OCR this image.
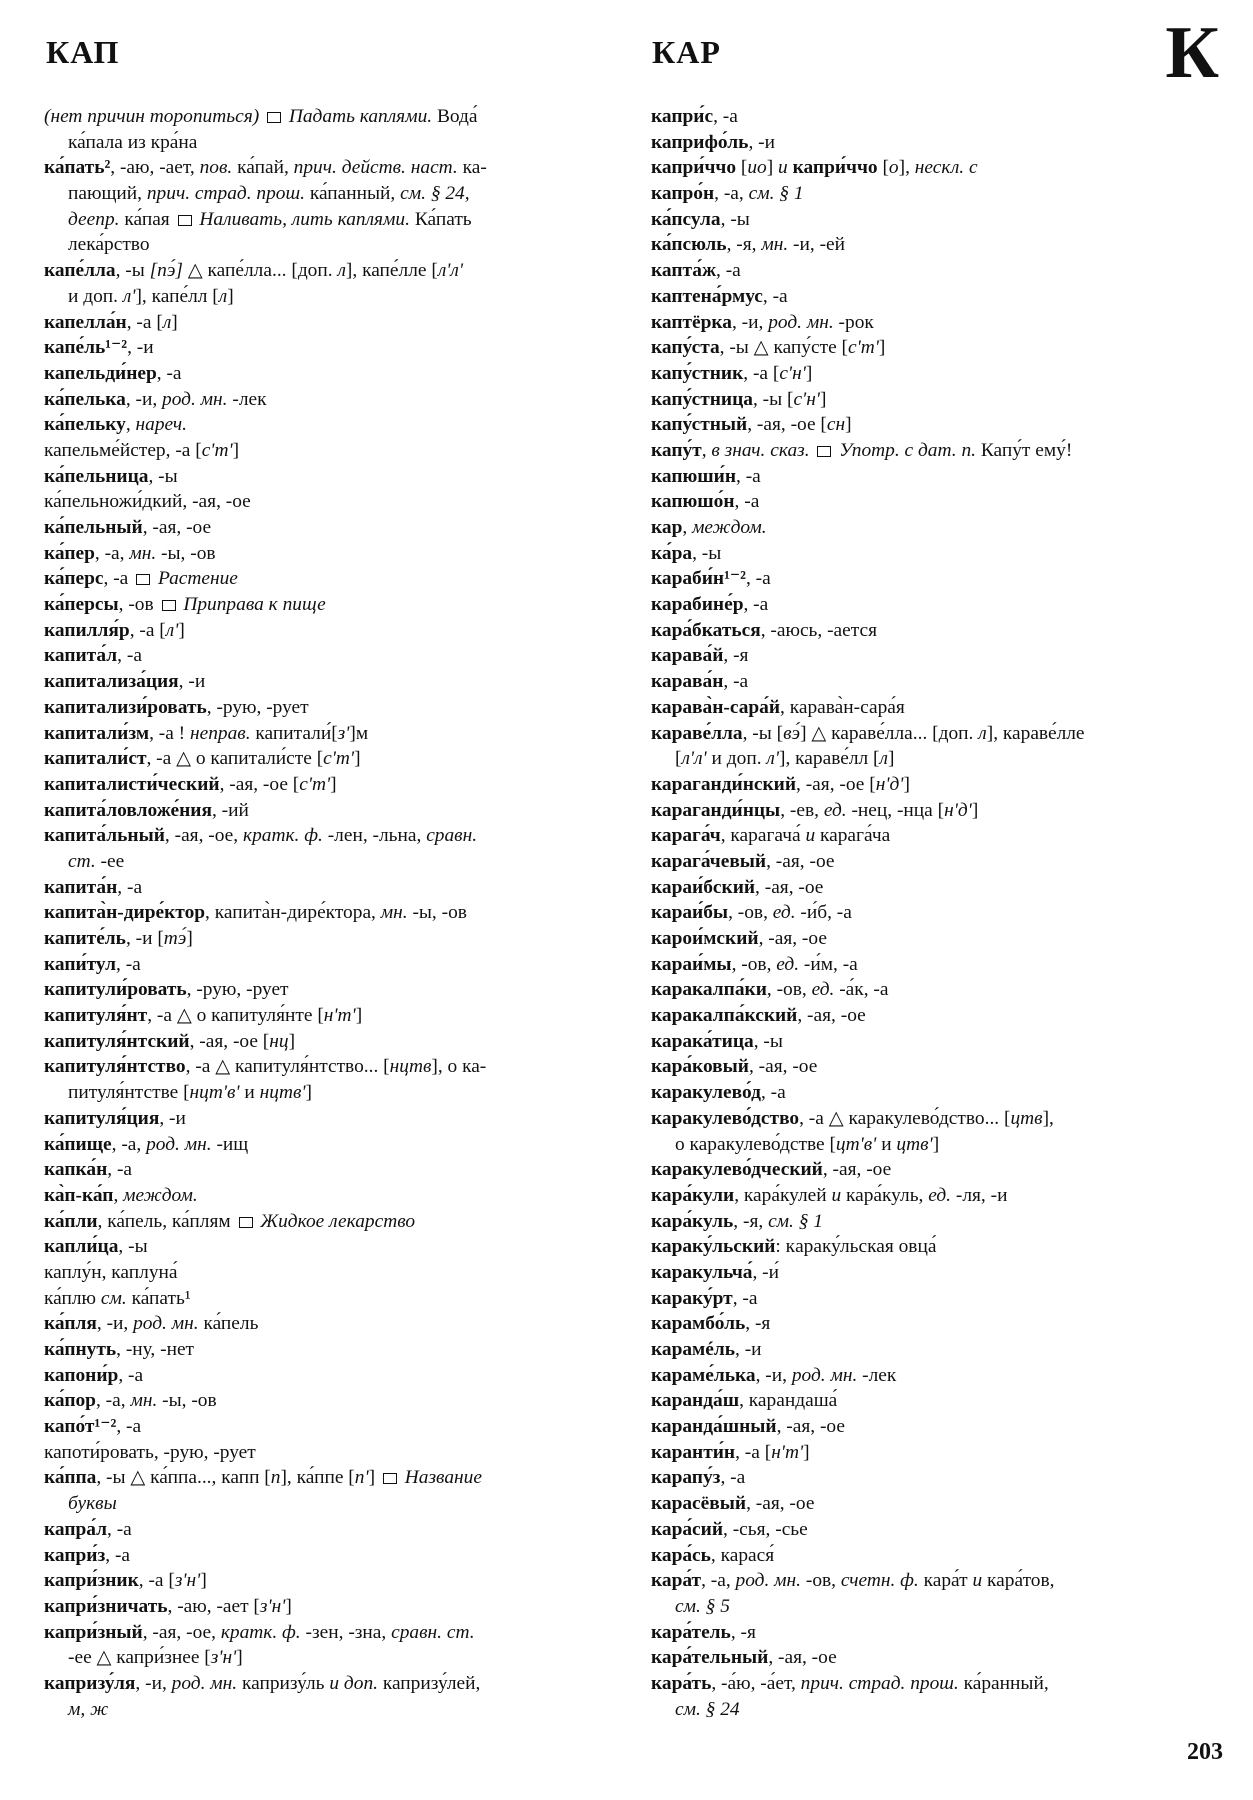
КАП	КАР	К
(нет причин торопиться)  Падать каплями. Вода́
ка́пала из кра́на
ка́пать², -аю, -ает, пов. ка́пай, прич. действ. наст. ка-
пающий, прич. страд. прош. ка́панный, см. § 24,
деепр. ка́пая  Наливать, лить каплями. Ка́пать
лека́рство
капе́лла, -ы [пэ́] △ капе́лла... [доп. л], капе́лле [л'л'
и доп. л'], капе́лл [л]
капелла́н, -а [л]
капе́ль¹⁻², -и
капельди́нер, -а
ка́пелька, -и, род. мн. -лек
ка́пельку, нареч.
капельме́йстер, -а [с'т']
ка́пельница, -ы
ка́пельножи́дкий, -ая, -ое
ка́пельный, -ая, -ое
ка́пер, -а, мн. -ы, -ов
ка́перс, -а  Растение
ка́персы, -ов  Приправа к пище
капилля́р, -а [л']
капита́л, -а
капитализа́ция, -и
капитализи́ровать, -рую, -рует
капитали́зм, -а ! неправ. капитали́[з']м
капитали́ст, -а △ о капитали́сте [с'т']
капиталисти́ческий, -ая, -ое [с'т']
капита́ловложе́ния, -ий
капита́льный, -ая, -ое, кратк. ф. -лен, -льна, сравн.
ст. -ее
капита́н, -а
капита̀н-дире́ктор, капита̀н-дире́ктора, мн. -ы, -ов
капите́ль, -и [тэ́]
капи́тул, -а
капитули́ровать, -рую, -рует
капитуля́нт, -а △ о капитуля́нте [н'т']
капитуля́нтский, -ая, -ое [нц]
капитуля́нтство, -а △ капитуля́нтство... [нцтв], о ка-
питуля́нтстве [нцт'в' и нцтв']
капитуля́ция, -и
ка́пище, -а, род. мн. -ищ
капка́н, -а
ка̀п-ка́п, междом.
ка́пли, ка́пель, ка́плям  Жидкое лекарство
капли́ца, -ы
каплу́н, каплуна́
ка́плю см. ка́пать¹
ка́пля, -и, род. мн. ка́пель
ка́пнуть, -ну, -нет
капони́р, -а
ка́пор, -а, мн. -ы, -ов
капо́т¹⁻², -а
капоти́ровать, -рую, -рует
ка́ппа, -ы △ ка́ппа..., капп [п], ка́ппе [п']  Название
буквы
капра́л, -а
капри́з, -а
капри́зник, -а [з'н']
капри́зничать, -аю, -ает [з'н']
капри́зный, -ая, -ое, кратк. ф. -зен, -зна, сравн. ст.
-ее △ капри́знее [з'н']
капризу́ля, -и, род. мн. капризу́ль и доп. капризу́лей,
м, ж
капри́с, -а
каприфо́ль, -и
капри́ччо [ио] и капри́ччо [о], нескл. с
капро́н, -а, см. § 1
ка́псула, -ы
ка́псюль, -я, мн. -и, -ей
капта́ж, -а
каптена́рмус, -а
каптёрка, -и, род. мн. -рок
капу́ста, -ы △ капу́сте [с'т']
капу́стник, -а [с'н']
капу́стница, -ы [с'н']
капу́стный, -ая, -ое [сн]
капу́т, в знач. сказ.  Употр. с дат. п. Капу́т ему́!
капюши́н, -а
капюшо́н, -а
кар, междом.
ка́ра, -ы
караби́н¹⁻², -а
карабине́р, -а
кара́бкаться, -аюсь, -ается
карава́й, -я
карава́н, -а
карава̀н-сара́й, карава̀н-сара́я
караве́лла, -ы [вэ́] △ караве́лла... [доп. л], караве́лле
[л'л' и доп. л'], караве́лл [л]
караганди́нский, -ая, -ое [н'д']
караганди́нцы, -ев, ед. -нец, -нца [н'д']
карага́ч, карагача́ и карага́ча
карага́чевый, -ая, -ое
караи́бский, -ая, -ое
караи́бы, -ов, ед. -и́б, -а
карои́мский, -ая, -ое
караи́мы, -ов, ед. -и́м, -а
каракалпа́ки, -ов, ед. -а́к, -а
каракалпа́кский, -ая, -ое
карака́тица, -ы
кара́ковый, -ая, -ое
каракулево́д, -а
каракулево́дство, -а △ каракулево́дство... [цтв],
о каракулево́дстве [цт'в' и цтв']
каракулево́дческий, -ая, -ое
кара́кули, кара́кулей и кара́куль, ед. -ля, -и
кара́куль, -я, см. § 1
карaку́льский: кaраку́льская овца́
каракульча́, -и́
караку́рт, -а
карамбо́ль, -я
карамéль, -и
караме́лька, -и, род. мн. -лек
каранда́ш, карандаша́
каранда́шный, -ая, -ое
каранти́н, -а [н'т']
карапу́з, -а
карасёвый, -ая, -ое
кара́сий, -сья, -сье
кара́сь, карася́
кара́т, -а, род. мн. -ов, счетн. ф. кара́т и кара́тов,
см. § 5
кара́тель, -я
кара́тельный, -ая, -ое
кара́ть, -а́ю, -а́ет, прич. страд. прош. ка́ранный,
см. § 24
203
